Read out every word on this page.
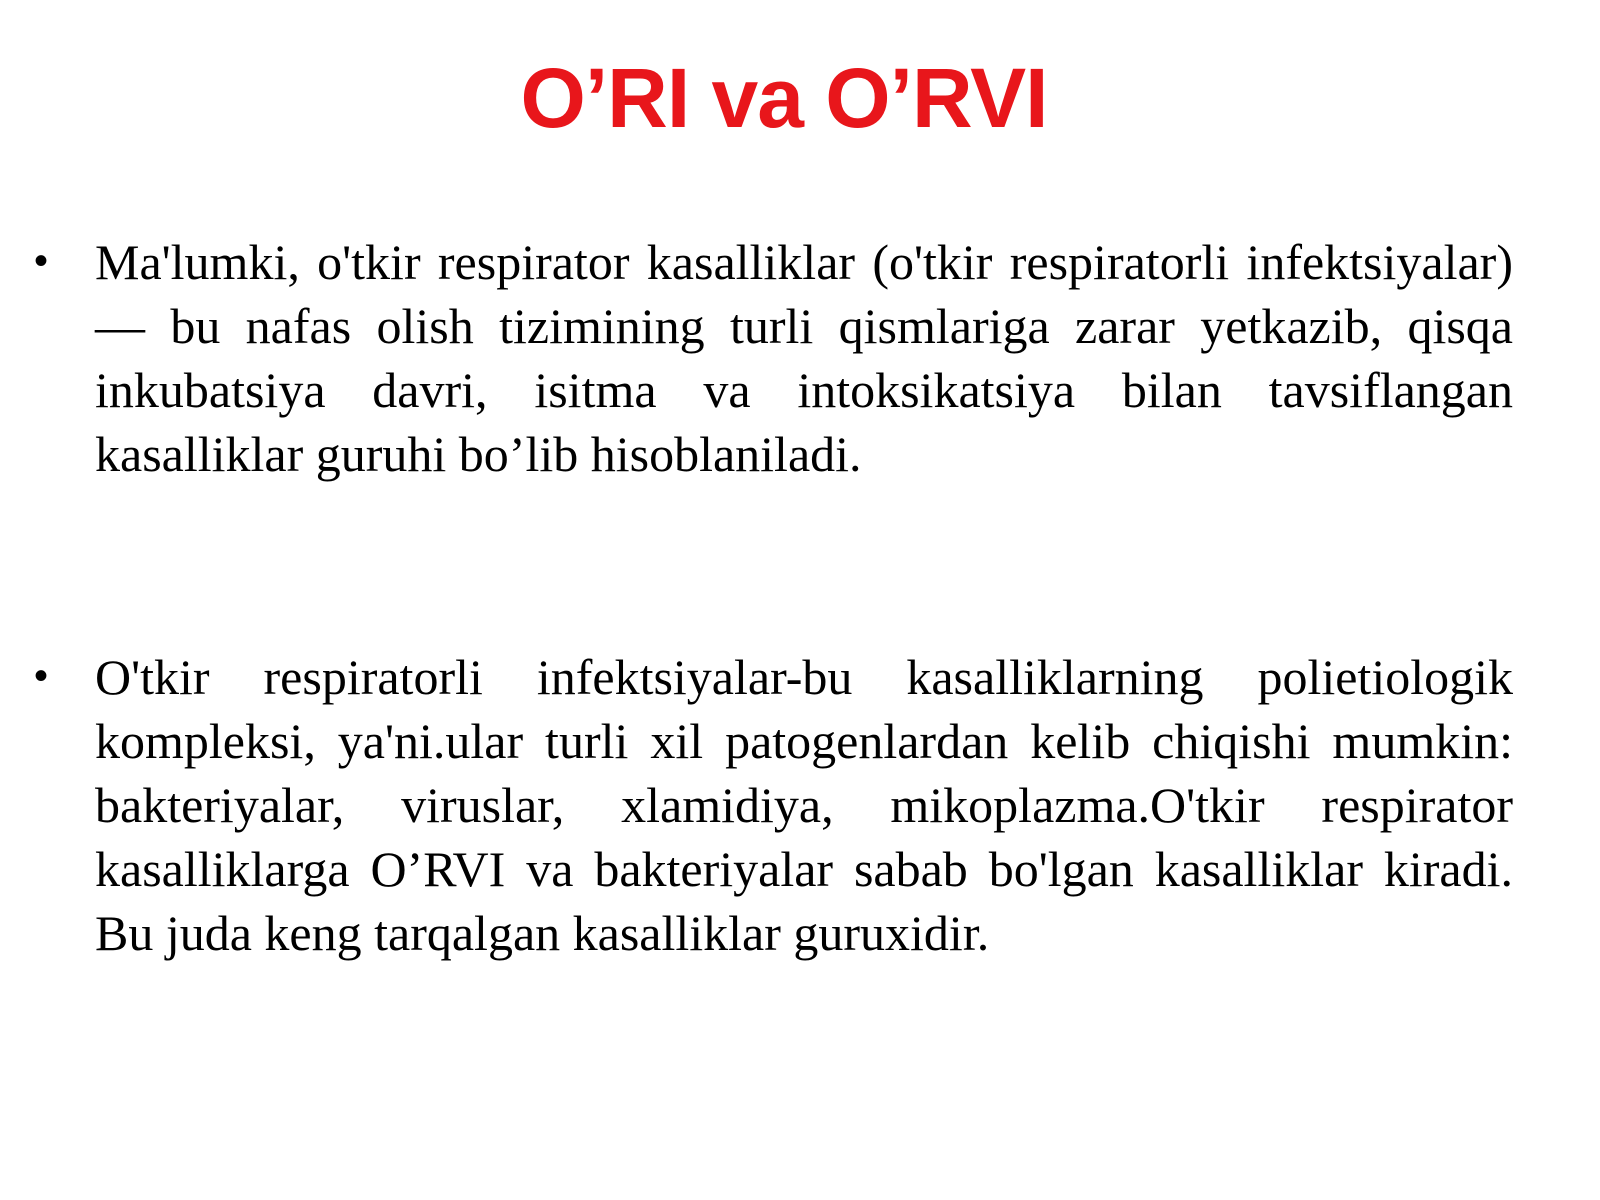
O’RI va O’RVI
• Ma'lumki, o'tkir respirator kasalliklar (o'tkir respiratorli infektsiyalar) — bu nafas olish tizimining turli qismlariga zarar yetkazib, qisqa inkubatsiya davri, isitma va intoksikatsiya bilan tavsiflangan kasalliklar guruhi bo’lib hisoblaniladi.

• O'tkir respiratorli infektsiyalar-bu kasalliklarning polietiologik kompleksi, ya'ni.ular turli xil patogenlardan kelib chiqishi mumkin: bakteriyalar, viruslar, xlamidiya, mikoplazma.O'tkir respirator kasalliklarga O’RVI va bakteriyalar sabab bo'lgan kasalliklar kiradi. Bu juda keng tarqalgan kasalliklar guruxidir.
